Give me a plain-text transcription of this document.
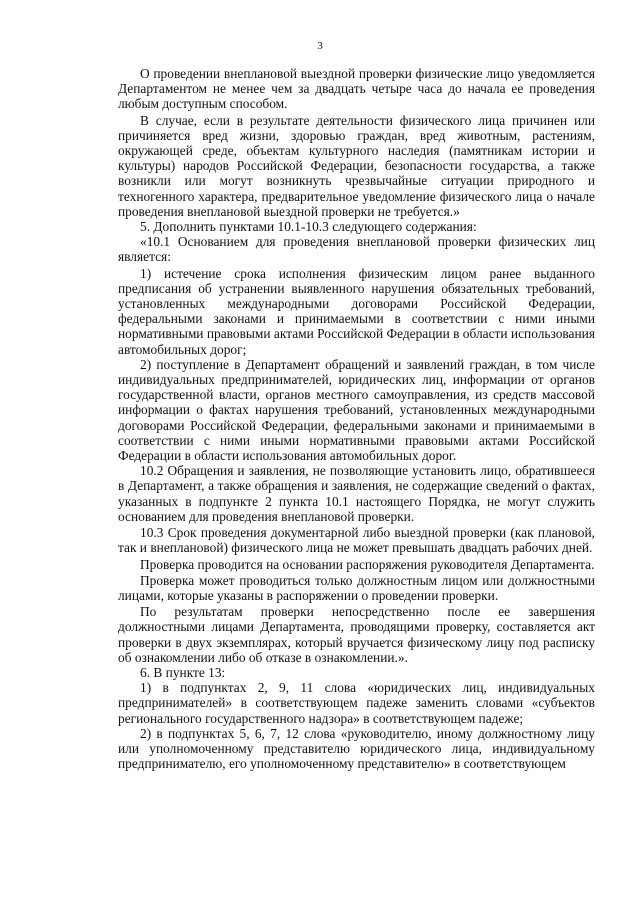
3

О проведении внеплановой выездной проверки физические лицо уведомляется Департаментом не менее чем за двадцать четыре часа до начала ее проведения любым доступным способом.

В случае, если в результате деятельности физического лица причинен или причиняется вред жизни, здоровью граждан, вред животным, растениям, окружающей среде, объектам культурного наследия (памятникам истории и культуры) народов Российской Федерации, безопасности государства, а также возникли или могут возникнуть чрезвычайные ситуации природного и техногенного характера, предварительное уведомление физического лица о начале проведения внеплановой выездной проверки не требуется.»

5. Дополнить пунктами 10.1-10.3 следующего содержания:

«10.1 Основанием для проведения внеплановой проверки физических лиц является:

1) истечение срока исполнения физическим лицом ранее выданного предписания об устранении выявленного нарушения обязательных требований, установленных международными договорами Российской Федерации, федеральными законами и принимаемыми в соответствии с ними иными нормативными правовыми актами Российской Федерации в области использования автомобильных дорог;

2) поступление в Департамент обращений и заявлений граждан, в том числе индивидуальных предпринимателей, юридических лиц, информации от органов государственной власти, органов местного самоуправления, из средств массовой информации о фактах нарушения требований, установленных международными договорами Российской Федерации, федеральными законами и принимаемыми в соответствии с ними иными нормативными правовыми актами Российской Федерации в области использования автомобильных дорог.

10.2 Обращения и заявления, не позволяющие установить лицо, обратившееся в Департамент, а также обращения и заявления, не содержащие сведений о фактах, указанных в подпункте 2 пункта 10.1 настоящего Порядка, не могут служить основанием для проведения внеплановой проверки.

10.3 Срок проведения документарной либо выездной проверки (как плановой, так и внеплановой) физического лица не может превышать двадцать рабочих дней.

Проверка проводится на основании распоряжения руководителя Департамента.

Проверка может проводиться только должностным лицом или должностными лицами, которые указаны в распоряжении о проведении проверки.

По результатам проверки непосредственно после ее завершения должностными лицами Департамента, проводящими проверку, составляется акт проверки в двух экземплярах, который вручается физическому лицу под расписку об ознакомлении либо об отказе в ознакомлении.».

6. В пункте 13:

1) в подпунктах 2, 9, 11 слова «юридических лиц, индивидуальных предпринимателей» в соответствующем падеже заменить словами «субъектов регионального государственного надзора» в соответствующем падеже;

2) в подпунктах 5, 6, 7, 12 слова «руководителю, иному должностному лицу или уполномоченному представителю юридического лица, индивидуальному предпринимателю, его уполномоченному представителю» в соответствующем
